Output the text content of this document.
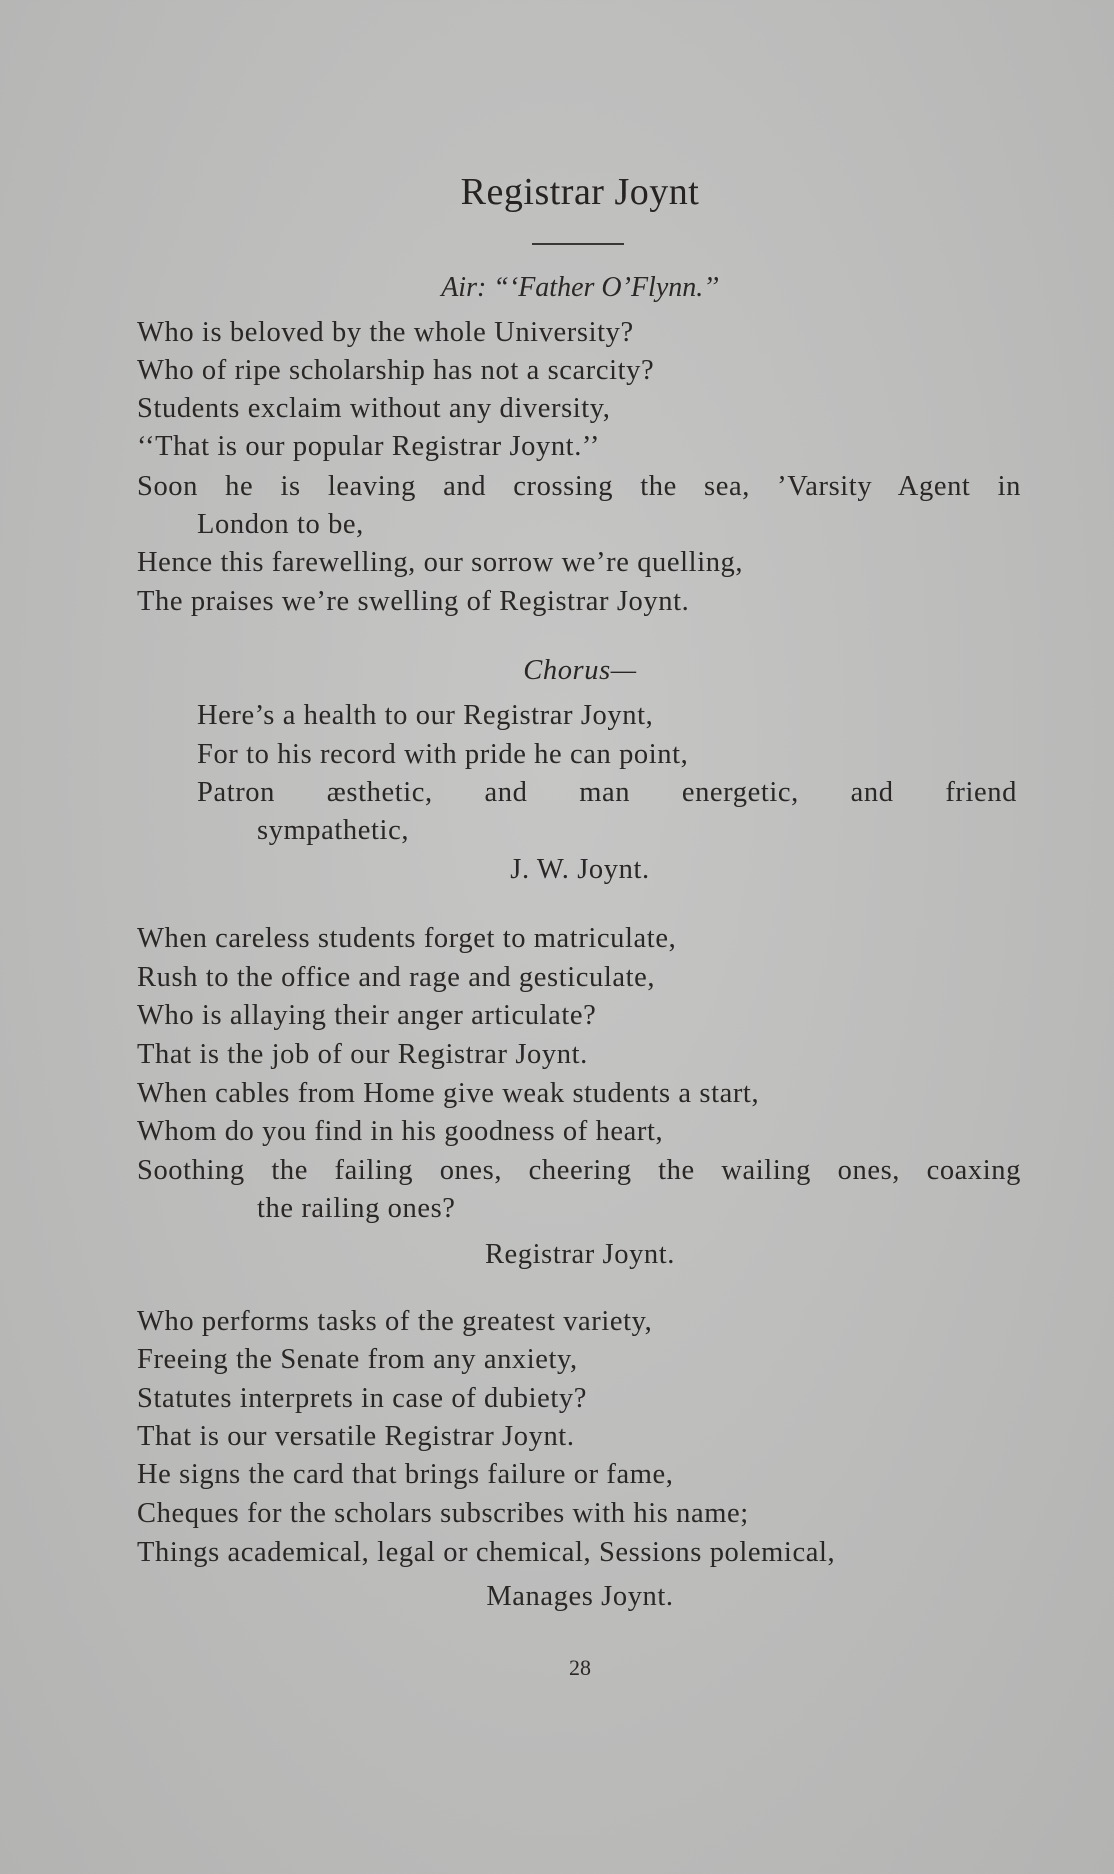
Registrar Joynt
Air: “‘Father O’Flynn.’’
Who is beloved by the whole University?
Who of ripe scholarship has not a scarcity?
Students exclaim without any diversity,
‘‘That is our popular Registrar Joynt.’’
Soon he is leaving and crossing the sea, ’Varsity Agent in
London to be,
Hence this farewelling, our sorrow we’re quelling,
The praises we’re swelling of Registrar Joynt.
Chorus—
Here’s a health to our Registrar Joynt,
For to his record with pride he can point,
Patron æsthetic, and man energetic, and friend
sympathetic,
J. W. Joynt.
When careless students forget to matriculate,
Rush to the office and rage and gesticulate,
Who is allaying their anger articulate?
That is the job of our Registrar Joynt.
When cables from Home give weak students a start,
Whom do you find in his goodness of heart,
Soothing the failing ones, cheering the wailing ones, coaxing
the railing ones?
Registrar Joynt.
Who performs tasks of the greatest variety,
Freeing the Senate from any anxiety,
Statutes interprets in case of dubiety?
That is our versatile Registrar Joynt.
He signs the card that brings failure or fame,
Cheques for the scholars subscribes with his name;
Things academical, legal or chemical, Sessions polemical,
Manages Joynt.
28
